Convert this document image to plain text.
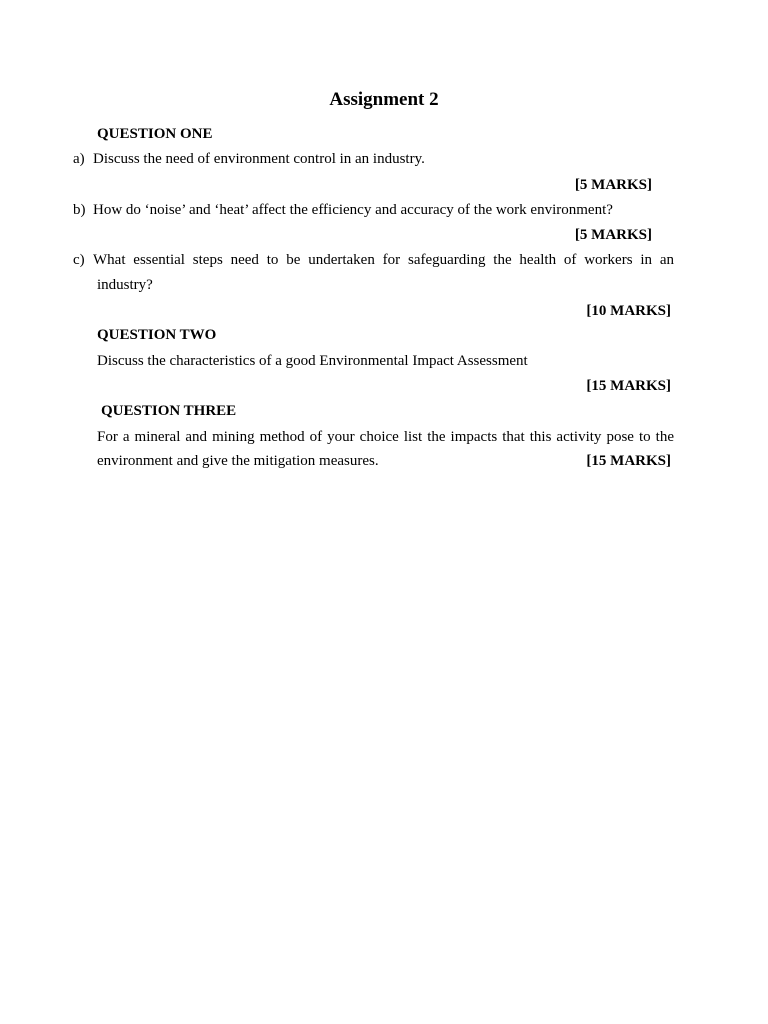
Assignment 2
QUESTION ONE
a) Discuss the need of environment control in an industry.
[5 MARKS]
b) How do ‘noise’ and ‘heat’ affect the efficiency and accuracy of the work environment?
[5 MARKS]
c) What essential steps need to be undertaken for safeguarding the health of workers in an
industry?
[10 MARKS]
QUESTION TWO
Discuss the characteristics of a good Environmental Impact Assessment
[15 MARKS]
QUESTION THREE
For a mineral and mining method of your choice list the impacts that this activity pose to the
environment and give the mitigation measures.	[15 MARKS]
